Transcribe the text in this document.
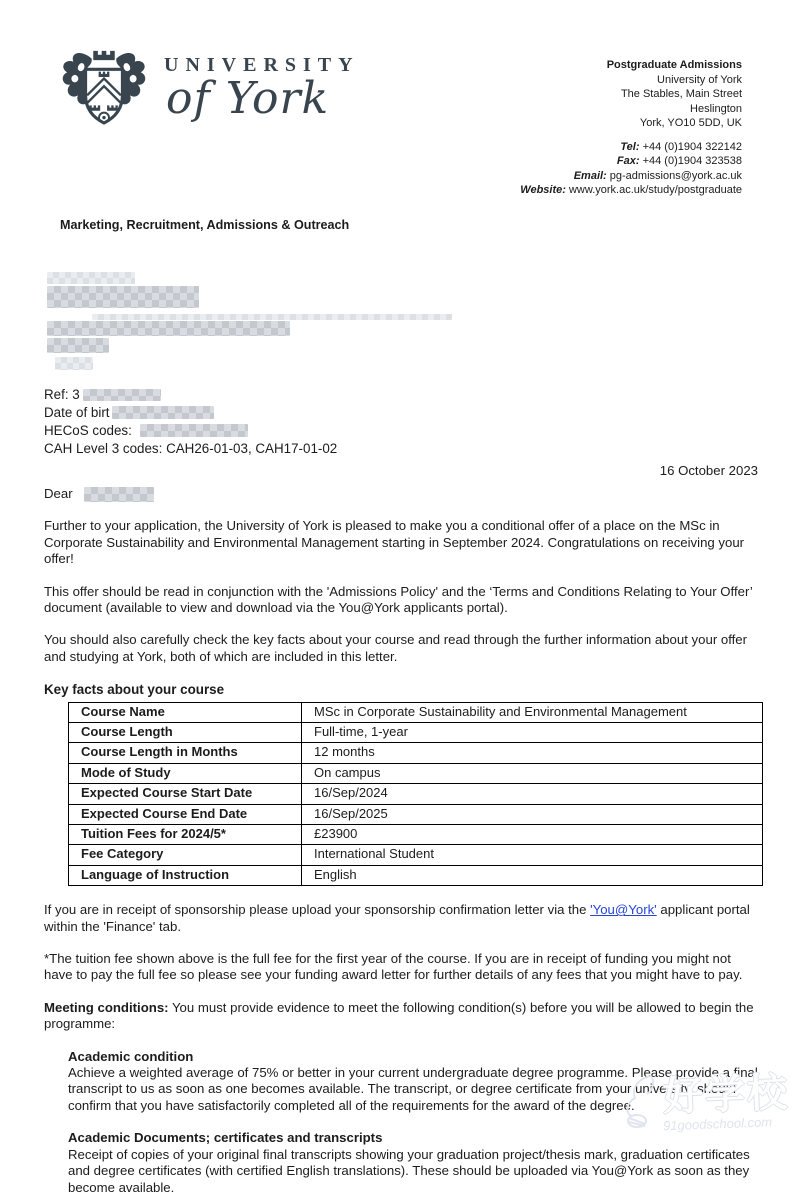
UNIVERSITY
of York
Postgraduate Admissions
University of York
The Stables, Main Street
Heslington
York, YO10 5DD, UK
Tel: +44 (0)1904 322142
Fax: +44 (0)1904 323538
Email: pg-admissions@york.ac.uk
Website: www.york.ac.uk/study/postgraduate
Marketing, Recruitment, Admissions & Outreach
Ref: 3
Date of birt
HECoS codes:
CAH Level 3 codes: CAH26-01-03, CAH17-01-02
16 October 2023
Dear
Further to your application, the University of York is pleased to make you a conditional offer of a place on the MSc in Corporate Sustainability and Environmental Management starting in September 2024. Congratulations on receiving your offer!
This offer should be read in conjunction with the 'Admissions Policy' and the ‘Terms and Conditions Relating to Your Offer’ document (available to view and download via the You@York applicants portal).
You should also carefully check the key facts about your course and read through the further information about your offer and studying at York, both of which are included in this letter.
Key facts about your course
Course Name	MSc in Corporate Sustainability and Environmental Management
Course Length	Full-time, 1-year
Course Length in Months	12 months
Mode of Study	On campus
Expected Course Start Date	16/Sep/2024
Expected Course End Date	16/Sep/2025
Tuition Fees for 2024/5*	£23900
Fee Category	International Student
Language of Instruction	English
If you are in receipt of sponsorship please upload your sponsorship confirmation letter via the 'You@York' applicant portal within the 'Finance' tab.
*The tuition fee shown above is the full fee for the first year of the course. If you are in receipt of funding you might not have to pay the full fee so please see your funding award letter for further details of any fees that you might have to pay.
Meeting conditions: You must provide evidence to meet the following condition(s) before you will be allowed to begin the programme:
Academic condition
Achieve a weighted average of 75% or better in your current undergraduate degree programme. Please provide a final transcript to us as soon as one becomes available. The transcript, or degree certificate from your university, should confirm that you have satisfactorily completed all of the requirements for the award of the degree.
Academic Documents; certificates and transcripts
Receipt of copies of your original final transcripts showing your graduation project/thesis mark, graduation certificates and degree certificates (with certified English translations). These should be uploaded via You@York as soon as they become available.
好学校
91goodschool.com
